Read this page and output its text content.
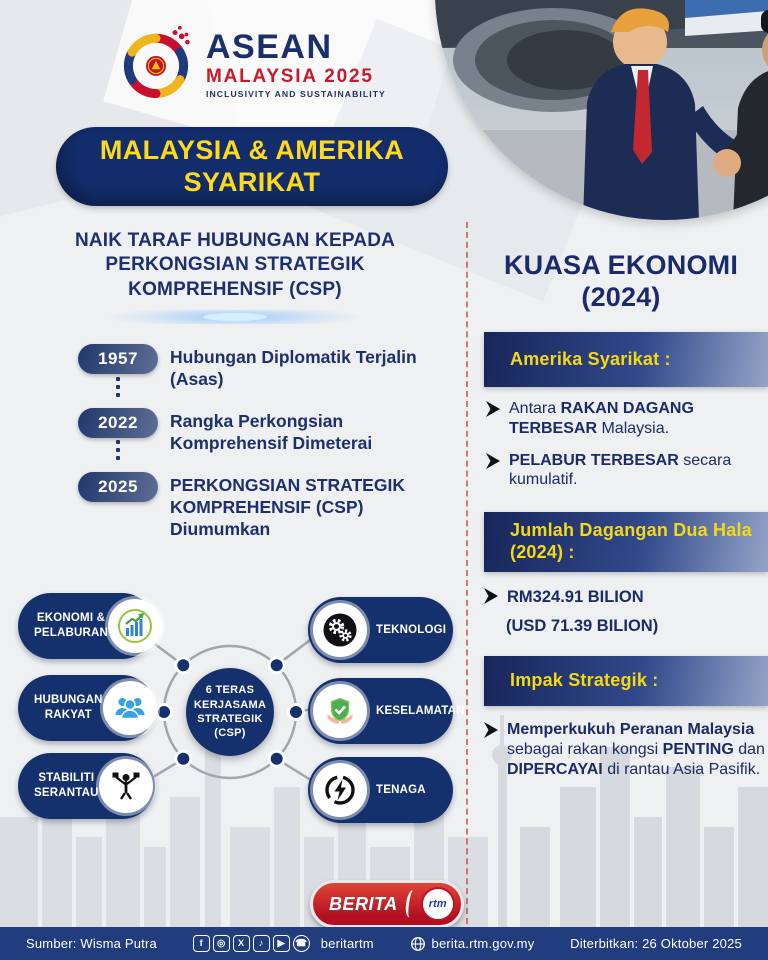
ASEAN
MALAYSIA 2025
INCLUSIVITY AND SUSTAINABILITY
MALAYSIA & AMERIKA SYARIKAT
NAIK TARAF HUBUNGAN KEPADA PERKONGSIAN STRATEGIK KOMPREHENSIF (CSP)
1957	Hubungan Diplomatik Terjalin (Asas)
2022	Rangka Perkongsian Komprehensif Dimeterai
2025	PERKONGSIAN STRATEGIK KOMPREHENSIF (CSP) Diumumkan
6 TERAS KERJASAMA STRATEGIK (CSP)
EKONOMI & PELABURAN
HUBUNGAN RAKYAT
STABILITI SERANTAU
TEKNOLOGI
KESELAMATAN
TENAGA
KUASA EKONOMI (2024)
Amerika Syarikat :
Antara RAKAN DAGANG TERBESAR Malaysia.
PELABUR TERBESAR secara kumulatif.
Jumlah Dagangan Dua Hala (2024) :
RM324.91 BILION
(USD 71.39 BILION)
Impak Strategik :
Memperkukuh Peranan Malaysia sebagai rakan kongsi PENTING dan DIPERCAYAI di rantau Asia Pasifik.
BERITA	rtm
Sumber: Wisma Putra	f	◎	X	♪	▶	☎ beritartm	berita.rtm.gov.my	Diterbitkan: 26 Oktober 2025
